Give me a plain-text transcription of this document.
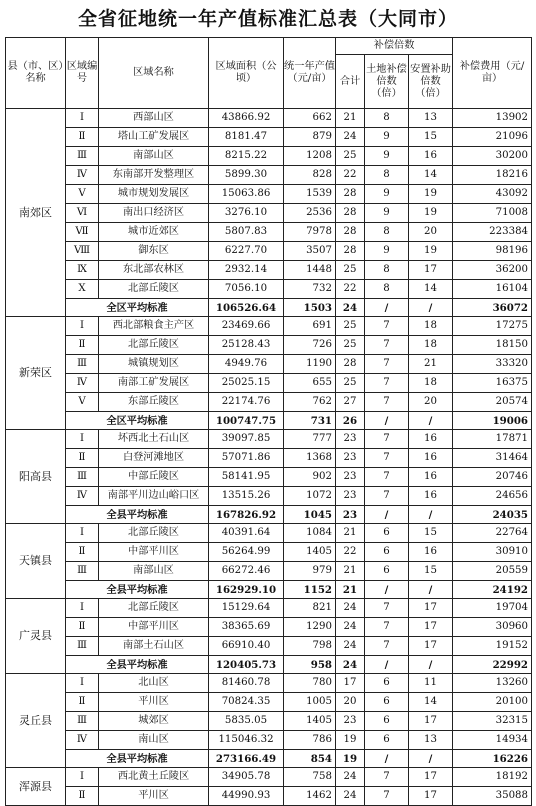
全省征地统一年产值标准汇总表（大同市）
县（市、区）名称	区域编号	区域名称	区域面积（公顷）	统一年产值（元/亩）	补偿倍数			补偿费用（元/亩）
					合计	土地补偿倍数（倍）	安置补助倍数（倍）	
南郊区	Ⅰ	西部山区	43866.92	662	21	8	13	13902
	Ⅱ	塔山工矿发展区	8181.47	879	24	9	15	21096
	Ⅲ	南部山区	8215.22	1208	25	9	16	30200
	Ⅳ	东南部开发整理区	5899.30	828	22	8	14	18216
	Ⅴ	城市规划发展区	15063.86	1539	28	9	19	43092
	Ⅵ	南出口经济区	3276.10	2536	28	9	19	71008
	Ⅶ	城市近郊区	5807.83	7978	28	8	20	223384
	Ⅷ	御东区	6227.70	3507	28	9	19	98196
	Ⅸ	东北部农林区	2932.14	1448	25	8	17	36200
	Ⅹ	北部丘陵区	7056.10	732	22	8	14	16104
	全区平均标准		106526.64	1503	24	/	/	36072
新荣区	Ⅰ	西北部粮食主产区	23469.66	691	25	7	18	17275
	Ⅱ	北部丘陵区	25128.43	726	25	7	18	18150
	Ⅲ	城镇规划区	4949.76	1190	28	7	21	33320
	Ⅳ	南部工矿发展区	25025.15	655	25	7	18	16375
	Ⅴ	东部丘陵区	22174.76	762	27	7	20	20574
	全区平均标准		100747.75	731	26	/	/	19006
阳高县	Ⅰ	坏西北土石山区	39097.85	777	23	7	16	17871
	Ⅱ	白登河滩地区	57071.86	1368	23	7	16	31464
	Ⅲ	中部丘陵区	58141.95	902	23	7	16	20746
	Ⅳ	南部平川边山峪口区	13515.26	1072	23	7	16	24656
	全县平均标准		167826.92	1045	23	/	/	24035
天镇县	Ⅰ	北部丘陵区	40391.64	1084	21	6	15	22764
	Ⅱ	中部平川区	56264.99	1405	22	6	16	30910
	Ⅲ	南部山区	66272.46	979	21	6	15	20559
	全县平均标准		162929.10	1152	21	/	/	24192
广灵县	Ⅰ	北部丘陵区	15129.64	821	24	7	17	19704
	Ⅱ	中部平川区	38365.69	1290	24	7	17	30960
	Ⅲ	南部土石山区	66910.40	798	24	7	17	19152
	全县平均标准		120405.73	958	24	/	/	22992
灵丘县	Ⅰ	北山区	81460.78	780	17	6	11	13260
	Ⅱ	平川区	70824.35	1005	20	6	14	20100
	Ⅲ	城郊区	5835.05	1405	23	6	17	32315
	Ⅳ	南山区	115046.32	786	19	6	13	14934
	全县平均标准		273166.49	854	19	/	/	16226
浑源县	Ⅰ	西北黄土丘陵区	34905.78	758	24	7	17	18192
	Ⅱ	平川区	44990.93	1462	24	7	17	35088
